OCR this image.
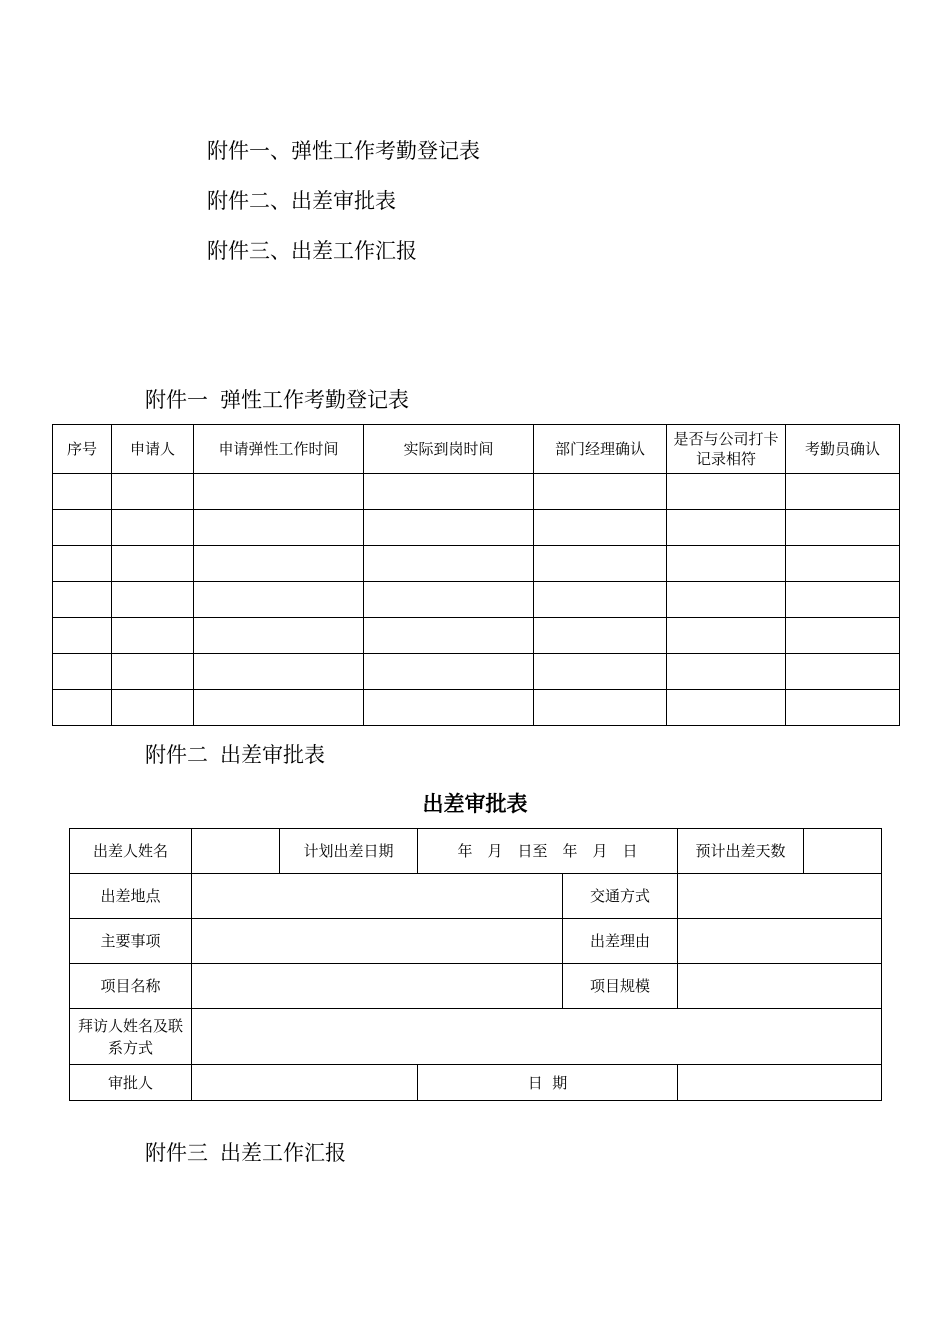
附件一、弹性工作考勤登记表
附件二、出差审批表
附件三、出差工作汇报
附件一 弹性工作考勤登记表
序号	申请人	申请弹性工作时间	实际到岗时间	部门经理确认	是否与公司打卡记录相符	考勤员确认

附件二 出差审批表
出差审批表
出差人姓名		计划出差日期	年　月　日至　年　月　日		预计出差天数	
出差地点				交通方式		
主要事项				出差理由		
项目名称				项目规模		
拜访人姓名及联系方式						
审批人			日  期			
附件三 出差工作汇报
